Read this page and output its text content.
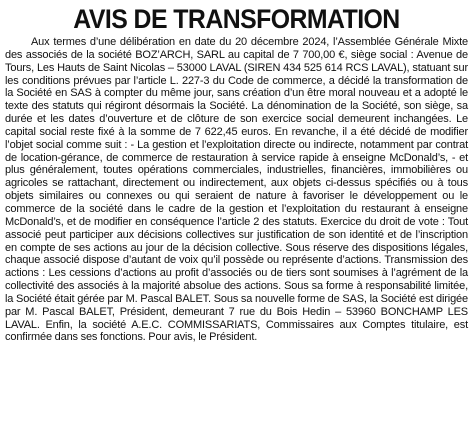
AVIS DE TRANSFORMATION

Aux termes d’une délibération en date du 20 décembre 2024, l’Assemblée Générale Mixte des associés de la société BOZ’ARCH, SARL au capital de 7 700,00 €, siège social : Avenue de Tours, Les Hauts de Saint Nicolas – 53000 LAVAL (SIREN 434 525 614 RCS LAVAL), statuant sur les conditions prévues par l’article L. 227-3 du Code de commerce, a décidé la transformation de la Société en SAS à compter du même jour, sans création d’un être moral nouveau et a adopté le texte des statuts qui régiront désormais la Société. La dénomination de la Société, son siège, sa durée et les dates d’ouverture et de clôture de son exercice social demeurent inchangées. Le capital social reste fixé à la somme de 7 622,45 euros. En revanche, il a été décidé de modifier l’objet social comme suit : - La gestion et l’exploitation directe ou indirecte, notamment par contrat de location-gérance, de commerce de restauration à service rapide à enseigne McDonald’s, - et plus généralement, toutes opérations commerciales, industrielles, financières, immobilières ou agricoles se rattachant, directement ou indirectement, aux objets ci-dessus spécifiés ou à tous objets similaires ou connexes ou qui seraient de nature à favoriser le développement ou le commerce de la société dans le cadre de la gestion et l’exploitation du restaurant à enseigne McDonald’s, et de modifier en conséquence l’article 2 des statuts. Exercice du droit de vote : Tout associé peut participer aux décisions collectives sur justification de son identité et de l’inscription en compte de ses actions au jour de la décision collective. Sous réserve des dispositions légales, chaque associé dispose d’autant de voix qu’il possède ou représente d’actions. Transmission des actions : Les cessions d’actions au profit d’associés ou de tiers sont soumises à l’agrément de la collectivité des associés à la majorité absolue des actions. Sous sa forme à responsabilité limitée, la Société était gérée par M. Pascal BALET. Sous sa nouvelle forme de SAS, la Société est dirigée par M. Pascal BALET, Président, demeurant 7 rue du Bois Hedin – 53960 BONCHAMP LES LAVAL. Enfin, la société A.E.C. COMMISSARIATS, Commissaires aux Comptes titulaire, est confirmée dans ses fonctions. Pour avis, le Président.
